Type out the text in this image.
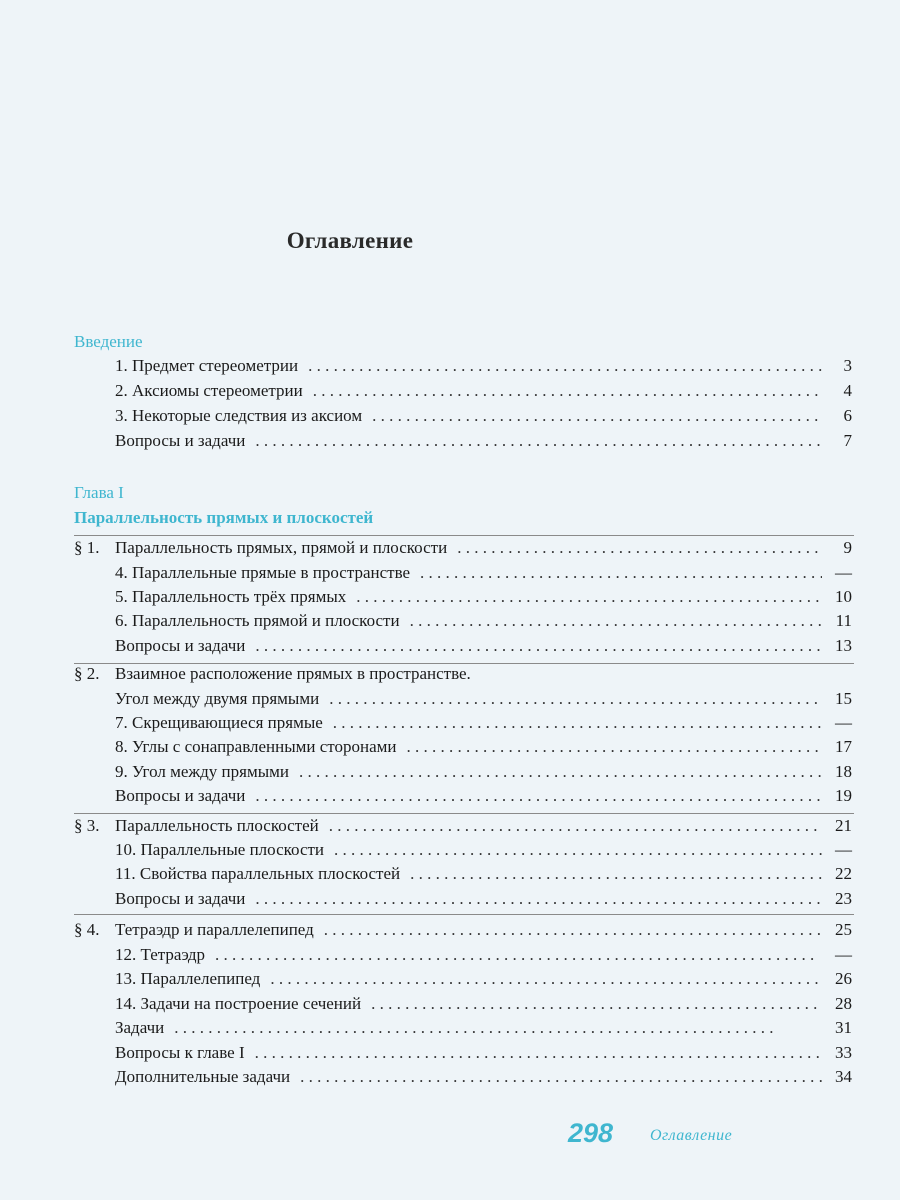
Оглавление
Введение
Глава I
Параллельность прямых и плоскостей
1. Предмет стереометрии . . .	3
2. Аксиомы стереометрии . . .	4
3. Некоторые следствия из аксиом . . .	6
Вопросы и задачи . . .	7
§ 1. Параллельность прямых, прямой и плоскости . . .	9
4. Параллельные прямые в пространстве . . .	—
5. Параллельность трёх прямых . . .	10
6. Параллельность прямой и плоскости . . .	11
Вопросы и задачи . . .	13
§ 2. Взаимное расположение прямых в пространстве.
Угол между двумя прямыми . . .	15
7. Скрещивающиеся прямые . . .	—
8. Углы с сонаправленными сторонами . . .	17
9. Угол между прямыми . . .	18
Вопросы и задачи . . .	19
§ 3. Параллельность плоскостей . . .	21
10. Параллельные плоскости . . .	—
11. Свойства параллельных плоскостей . . .	22
Вопросы и задачи . . .	23
§ 4. Тетраэдр и параллелепипед . . .	25
12. Тетраэдр . . .	—
13. Параллелепипед . . .	26
14. Задачи на построение сечений . . .	28
Задачи . . .	31
Вопросы к главе I . . .	33
Дополнительные задачи . . .	34
298 Оглавление
